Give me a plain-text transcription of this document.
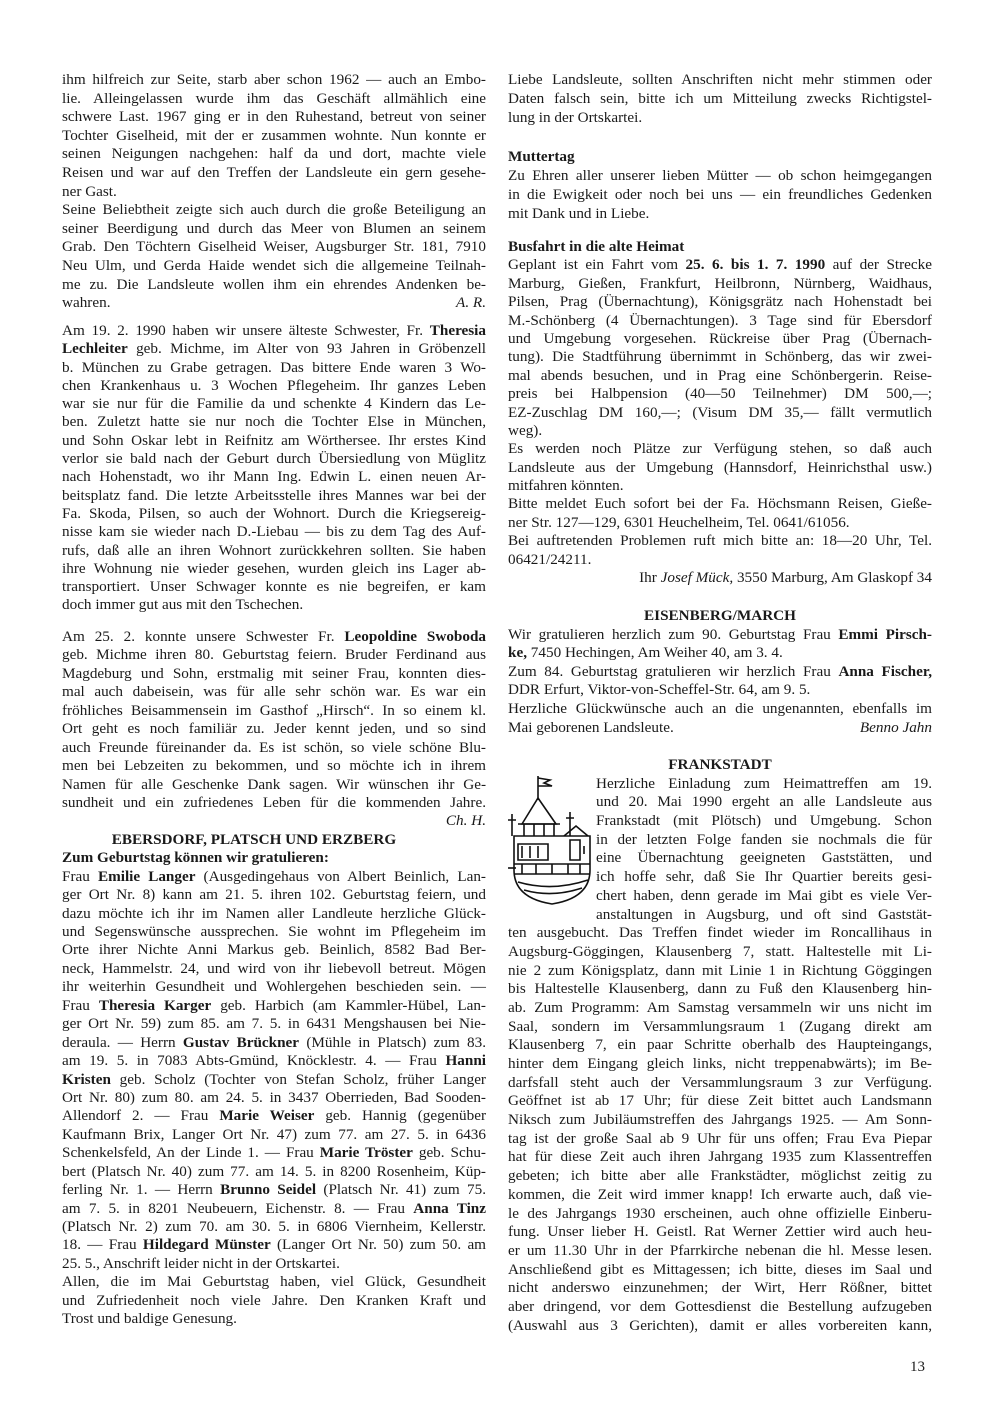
ihm hilfreich zur Seite, starb aber schon 1962 — auch an Embo-
lie. Alleingelassen wurde ihm das Geschäft allmählich eine
schwere Last. 1967 ging er in den Ruhestand, betreut von seiner
Tochter Giselheid, mit der er zusammen wohnte. Nun konnte er
seinen Neigungen nachgehen: half da und dort, machte viele
Reisen und war auf den Treffen der Landsleute ein gern gesehe-
ner Gast.
Seine Beliebtheit zeigte sich auch durch die große Beteiligung an
seiner Beerdigung und durch das Meer von Blumen an seinem
Grab. Den Töchtern Giselheid Weiser, Augsburger Str. 181, 7910
Neu Ulm, und Gerda Haide wendet sich die allgemeine Teilnah-
me zu. Die Landsleute wollen ihm ein ehrendes Andenken be-
wahren.	A. R.
Am 19. 2. 1990 haben wir unsere älteste Schwester, Fr. Theresia
Lechleiter geb. Michme, im Alter von 93 Jahren in Gröbenzell
b. München zu Grabe getragen. Das bittere Ende waren 3 Wo-
chen Krankenhaus u. 3 Wochen Pflegeheim. Ihr ganzes Leben
war sie nur für die Familie da und schenkte 4 Kindern das Le-
ben. Zuletzt hatte sie nur noch die Tochter Else in München,
und Sohn Oskar lebt in Reifnitz am Wörthersee. Ihr erstes Kind
verlor sie bald nach der Geburt durch Übersiedlung von Müglitz
nach Hohenstadt, wo ihr Mann Ing. Edwin L. einen neuen Ar-
beitsplatz fand. Die letzte Arbeitsstelle ihres Mannes war bei der
Fa. Skoda, Pilsen, so auch der Wohnort. Durch die Kriegsereig-
nisse kam sie wieder nach D.-Liebau — bis zu dem Tag des Auf-
rufs, daß alle an ihren Wohnort zurückkehren sollten. Sie haben
ihre Wohnung nie wieder gesehen, wurden gleich ins Lager ab-
transportiert. Unser Schwager konnte es nie begreifen, er kam
doch immer gut aus mit den Tschechen.
Am 25. 2. konnte unsere Schwester Fr. Leopoldine Swoboda
geb. Michme ihren 80. Geburtstag feiern. Bruder Ferdinand aus
Magdeburg und Sohn, erstmalig mit seiner Frau, konnten dies-
mal auch dabeisein, was für alle sehr schön war. Es war ein
fröhliches Beisammensein im Gasthof „Hirsch“. In so einem kl.
Ort geht es noch familiär zu. Jeder kennt jeden, und so sind
auch Freunde füreinander da. Es ist schön, so viele schöne Blu-
men bei Lebzeiten zu bekommen, und so möchte ich in ihrem
Namen für alle Geschenke Dank sagen. Wir wünschen ihr Ge-
sundheit und ein zufriedenes Leben für die kommenden Jahre.
Ch. H.
EBERSDORF, PLATSCH UND ERZBERG
Zum Geburtstag können wir gratulieren:
Frau Emilie Langer (Ausgedingehaus von Albert Beinlich, Lan-
ger Ort Nr. 8) kann am 21. 5. ihren 102. Geburtstag feiern, und
dazu möchte ich ihr im Namen aller Landleute herzliche Glück-
und Segenswünsche aussprechen. Sie wohnt im Pflegeheim im
Orte ihrer Nichte Anni Markus geb. Beinlich, 8582 Bad Ber-
neck, Hammelstr. 24, und wird von ihr liebevoll betreut. Mögen
ihr weiterhin Gesundheit und Wohlergehen beschieden sein. —
Frau Theresia Karger geb. Harbich (am Kammler-Hübel, Lan-
ger Ort Nr. 59) zum 85. am 7. 5. in 6431 Mengshausen bei Nie-
deraula. — Herrn Gustav Brückner (Mühle in Platsch) zum 83.
am 19. 5. in 7083 Abts-Gmünd, Knöcklestr. 4. — Frau Hanni
Kristen geb. Scholz (Tochter von Stefan Scholz, früher Langer
Ort Nr. 80) zum 80. am 24. 5. in 3437 Oberrieden, Bad Sooden-
Allendorf 2. — Frau Marie Weiser geb. Hannig (gegenüber
Kaufmann Brix, Langer Ort Nr. 47) zum 77. am 27. 5. in 6436
Schenkelsfeld, An der Linde 1. — Frau Marie Tröster geb. Schu-
bert (Platsch Nr. 40) zum 77. am 14. 5. in 8200 Rosenheim, Küp-
ferling Nr. 1. — Herrn Brunno Seidel (Platsch Nr. 41) zum 75.
am 7. 5. in 8201 Neubeuern, Eichenstr. 8. — Frau Anna Tinz
(Platsch Nr. 2) zum 70. am 30. 5. in 6806 Viernheim, Kellerstr.
18. — Frau Hildegard Münster (Langer Ort Nr. 50) zum 50. am
25. 5., Anschrift leider nicht in der Ortskartei.
Allen, die im Mai Geburtstag haben, viel Glück, Gesundheit
und Zufriedenheit noch viele Jahre. Den Kranken Kraft und
Trost und baldige Genesung.
Liebe Landsleute, sollten Anschriften nicht mehr stimmen oder
Daten falsch sein, bitte ich um Mitteilung zwecks Richtigstel-
lung in der Ortskartei.
Muttertag
Zu Ehren aller unserer lieben Mütter — ob schon heimgegangen
in die Ewigkeit oder noch bei uns — ein freundliches Gedenken
mit Dank und in Liebe.
Busfahrt in die alte Heimat
Geplant ist ein Fahrt vom 25. 6. bis 1. 7. 1990 auf der Strecke
Marburg, Gießen, Frankfurt, Heilbronn, Nürnberg, Waidhaus,
Pilsen, Prag (Übernachtung), Königsgrätz nach Hohenstadt bei
M.-Schönberg (4 Übernachtungen). 3 Tage sind für Ebersdorf
und Umgebung vorgesehen. Rückreise über Prag (Übernach-
tung). Die Stadtführung übernimmt in Schönberg, das wir zwei-
mal abends besuchen, und in Prag eine Schönbergerin. Reise-
preis bei Halbpension (40—50 Teilnehmer) DM 500,—;
EZ-Zuschlag DM 160,—; (Visum DM 35,— fällt vermutlich
weg).
Es werden noch Plätze zur Verfügung stehen, so daß auch
Landsleute aus der Umgebung (Hannsdorf, Heinrichsthal usw.)
mitfahren könnten.
Bitte meldet Euch sofort bei der Fa. Höchsmann Reisen, Gieße-
ner Str. 127—129, 6301 Heuchelheim, Tel. 0641/61056.
Bei auftretenden Problemen ruft mich bitte an: 18—20 Uhr, Tel.
06421/24211.
Ihr Josef Mück, 3550 Marburg, Am Glaskopf 34
EISENBERG/MARCH
Wir gratulieren herzlich zum 90. Geburtstag Frau Emmi Pirsch-
ke, 7450 Hechingen, Am Weiher 40, am 3. 4.
Zum 84. Geburtstag gratulieren wir herzlich Frau Anna Fischer,
DDR Erfurt, Viktor-von-Scheffel-Str. 64, am 9. 5.
Herzliche Glückwünsche auch an die ungenannten, ebenfalls im
Mai geborenen Landsleute.	Benno Jahn
FRANKSTADT
Herzliche Einladung zum Heimattreffen am 19.
und 20. Mai 1990 ergeht an alle Landsleute aus
Frankstadt (mit Plötsch) und Umgebung. Schon
in der letzten Folge fanden sie nochmals die für
eine Übernachtung geeigneten Gaststätten, und
ich hoffe sehr, daß Sie Ihr Quartier bereits gesi-
chert haben, denn gerade im Mai gibt es viele Ver-
anstaltungen in Augsburg, und oft sind Gaststät-
ten ausgebucht. Das Treffen findet wieder im Roncallihaus in
Augsburg-Göggingen, Klausenberg 7, statt. Haltestelle mit Li-
nie 2 zum Königsplatz, dann mit Linie 1 in Richtung Göggingen
bis Haltestelle Klausenberg, dann zu Fuß den Klausenberg hin-
ab. Zum Programm: Am Samstag versammeln wir uns nicht im
Saal, sondern im Versammlungsraum 1 (Zugang direkt am
Klausenberg 7, ein paar Schritte oberhalb des Haupteingangs,
hinter dem Eingang gleich links, nicht treppenabwärts); im Be-
darfsfall steht auch der Versammlungsraum 3 zur Verfügung.
Geöffnet ist ab 17 Uhr; für diese Zeit bittet auch Landsmann
Niksch zum Jubiläumstreffen des Jahrgangs 1925. — Am Sonn-
tag ist der große Saal ab 9 Uhr für uns offen; Frau Eva Piepar
hat für diese Zeit auch ihren Jahrgang 1935 zum Klassentreffen
gebeten; ich bitte aber alle Frankstädter, möglichst zeitig zu
kommen, die Zeit wird immer knapp! Ich erwarte auch, daß vie-
le des Jahrgangs 1930 erscheinen, auch ohne offizielle Einberu-
fung. Unser lieber H. Geistl. Rat Werner Zettier wird auch heu-
er um 11.30 Uhr in der Pfarrkirche nebenan die hl. Messe lesen.
Anschließend gibt es Mittagessen; ich bitte, dieses im Saal und
nicht anderswo einzunehmen; der Wirt, Herr Rößner, bittet
aber dringend, vor dem Gottesdienst die Bestellung aufzugeben
(Auswahl aus 3 Gerichten), damit er alles vorbereiten kann,
13
